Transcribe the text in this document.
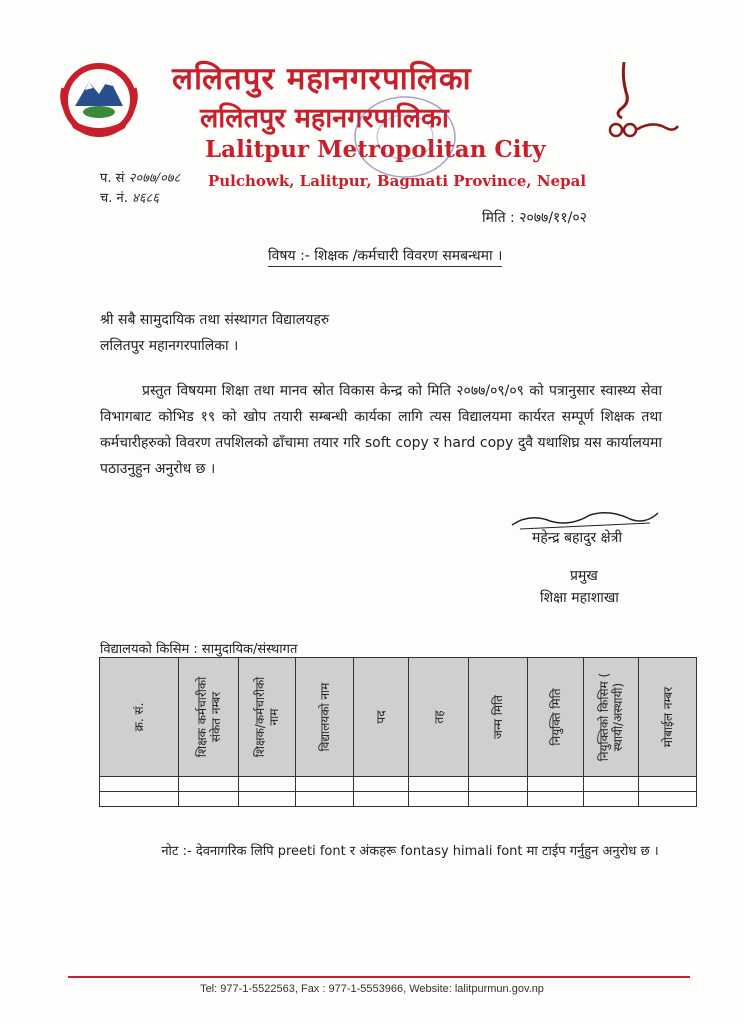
ललितपुर महानगरपालिका
ललितपुर महानगरपालिका
Lalitpur Metropolitan City
Pulchowk, Lalitpur, Bagmati Province, Nepal
प. सं २०७७/०७८
च. नं. ४६८६
मिति : २०७७/११/०२
विषय :- शिक्षक /कर्मचारी विवरण समबन्धमा ।
श्री सबै सामुदायिक तथा संस्थागत विद्यालयहरु
ललितपुर महानगरपालिका ।
प्रस्तुत विषयमा शिक्षा तथा मानव स्रोत विकास केन्द्र को मिति २०७७/०९/०९ को पत्रानुसार स्वास्थ्य सेवा विभागबाट कोभिड १९ को खोप तयारी सम्बन्धी कार्यका लागि त्यस विद्यालयमा कार्यरत सम्पूर्ण शिक्षक तथा कर्मचारीहरुको विवरण तपशिलको ढाँचामा तयार गरि soft copy र hard copy दुवै यथाशिघ्र यस कार्यालयमा पठाउनुहुन अनुरोध छ ।
महेन्द्र बहादुर क्षेत्री
प्रमुख
शिक्षा महाशाखा
विद्यालयको किसिम : सामुदायिक/संस्थागत
क्र. सं.	शिक्षक कर्मचारीको संकेत नम्बर	शिक्षक/कर्मचारीको नाम	विद्यालयको नाम	पद	तह	जन्म मिति	नियुक्ति मिति	नियुक्तिको किसिम ( स्थायी/अस्थायी)	मोबाईल नम्बर

नोट :- देवनागरिक लिपि preeti font र अंकहरू fontasy himali font मा टाईप गर्नुहुन अनुरोध छ ।
Tel: 977-1-5522563, Fax : 977-1-5553966, Website: lalitpurmun.gov.np
